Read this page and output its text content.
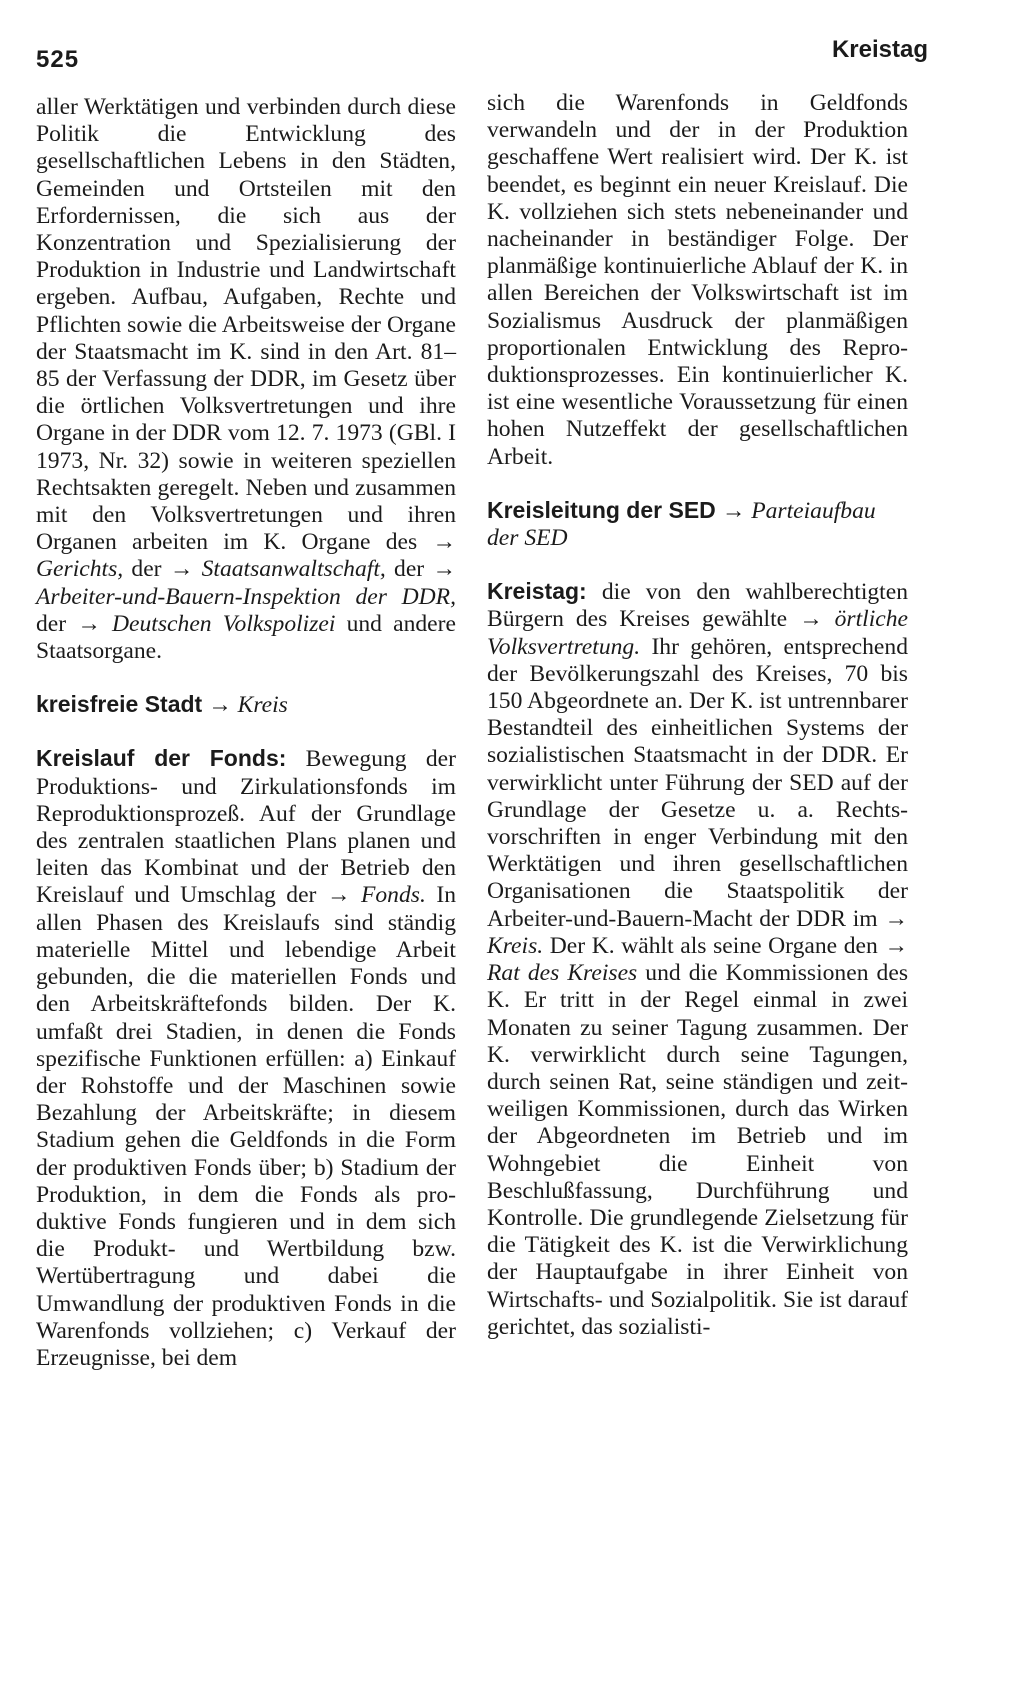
525	Kreistag

aller Werktätigen und verbinden durch diese Politik die Entwicklung des gesellschaftlichen Lebens in den Städten, Gemeinden und Ortsteilen mit den Erfordernissen, die sich aus der Konzentration und Spezialisierung der Produktion in Industrie und Landwirtschaft ergeben. Aufbau, Aufgaben, Rechte und Pflichten sowie die Arbeitsweise der Organe der Staatsmacht im K. sind in den Art. 81–85 der Verfassung der DDR, im Gesetz über die örtlichen Volksvertretungen und ihre Organe in der DDR vom 12. 7. 1973 (GBl. I 1973, Nr. 32) sowie in weiteren speziellen Rechtsakten geregelt. Neben und zusammen mit den Volksvertretungen und ihren Organen arbeiten im K. Organe des → Gerichts, der → Staatsanwaltschaft, der → Arbeiter-und-Bauern-Inspektion der DDR, der → Deutschen Volkspolizei und andere Staatsorgane.

kreisfreie Stadt → Kreis

Kreislauf der Fonds: Bewegung der Produktions- und Zirkulationsfonds im Reproduktionsprozeß. Auf der Grundlage des zentralen staatlichen Plans planen und leiten das Kombinat und der Betrieb den Kreislauf und Umschlag der → Fonds. In allen Phasen des Kreislaufs sind ständig materielle Mittel und lebendige Arbeit gebunden, die die materiellen Fonds und den Arbeitskräftefonds bilden. Der K. umfaßt drei Stadien, in denen die Fonds spezifische Funktionen erfüllen: a) Einkauf der Rohstoffe und der Maschinen sowie Bezahlung der Arbeitskräfte; in diesem Stadium gehen die Geldfonds in die Form der produktiven Fonds über; b) Stadium der Produktion, in dem die Fonds als produktive Fonds fungieren und in dem sich die Produkt- und Wertbildung bzw. Wertübertragung und dabei die Umwandlung der produktiven Fonds in die Warenfonds vollziehen; c) Verkauf der Erzeugnisse, bei dem

sich die Warenfonds in Geldfonds verwandeln und der in der Produktion geschaffene Wert realisiert wird. Der K. ist beendet, es beginnt ein neuer Kreislauf. Die K. vollziehen sich stets nebeneinander und nacheinander in beständiger Folge. Der planmäßige kontinuierliche Ablauf der K. in allen Bereichen der Volkswirtschaft ist im Sozialismus Ausdruck der planmäßigen proportionalen Entwicklung des Reproduktionsprozesses. Ein kontinuierlicher K. ist eine wesentliche Voraussetzung für einen hohen Nutzeffekt der gesellschaftlichen Arbeit.

Kreisleitung der SED → Parteiaufbau der SED

Kreistag: die von den wahlberechtigten Bürgern des Kreises gewählte → örtliche Volksvertretung. Ihr gehören, entsprechend der Bevölkerungszahl des Kreises, 70 bis 150 Abgeordnete an. Der K. ist untrennbarer Bestandteil des einheitlichen Systems der sozialistischen Staatsmacht in der DDR. Er verwirklicht unter Führung der SED auf der Grundlage der Gesetze u. a. Rechtsvorschriften in enger Verbindung mit den Werktätigen und ihren gesellschaftlichen Organisationen die Staatspolitik der Arbeiter-und-Bauern-Macht der DDR im → Kreis. Der K. wählt als seine Organe den → Rat des Kreises und die Kommissionen des K. Er tritt in der Regel einmal in zwei Monaten zu seiner Tagung zusammen. Der K. verwirklicht durch seine Tagungen, durch seinen Rat, seine ständigen und zeitweiligen Kommissionen, durch das Wirken der Abgeordneten im Betrieb und im Wohngebiet die Einheit von Beschlußfassung, Durchführung und Kontrolle. Die grundlegende Zielsetzung für die Tätigkeit des K. ist die Verwirklichung der Hauptaufgabe in ihrer Einheit von Wirtschafts- und Sozialpolitik. Sie ist darauf gerichtet, das sozialisti-
